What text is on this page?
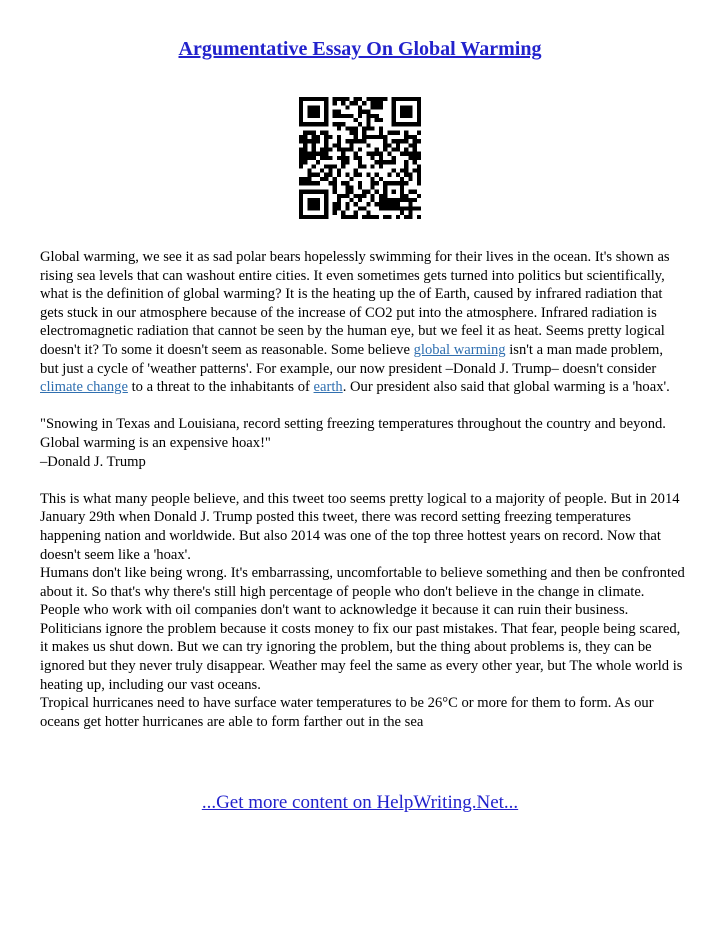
Argumentative Essay On Global Warming

Global warming, we see it as sad polar bears hopelessly swimming for their lives in the ocean. It's shown as rising sea levels that can washout entire cities. It even sometimes gets turned into politics but scientifically, what is the definition of global warming? It is the heating up the of Earth, caused by infrared radiation that gets stuck in our atmosphere because of the increase of CO2 put into the atmosphere. Infrared radiation is electromagnetic radiation that cannot be seen by the human eye, but we feel it as heat. Seems pretty logical doesn't it? To some it doesn't seem as reasonable. Some believe global warming isn't a man made problem, but just a cycle of 'weather patterns'. For example, our now president –Donald J. Trump– doesn't consider climate change to a threat to the inhabitants of earth. Our president also said that global warming is a 'hoax'.

"Snowing in Texas and Louisiana, record setting freezing temperatures throughout the country and beyond.

Global warming is an expensive hoax!"

–Donald J. Trump

This is what many people believe, and this tweet too seems pretty logical to a majority of people. But in 2014 January 29th when Donald J. Trump posted this tweet, there was record setting freezing temperatures happening nation and worldwide. But also 2014 was one of the top three hottest years on record. Now that doesn't seem like a 'hoax'.

Humans don't like being wrong. It's embarrassing, uncomfortable to believe something and then be confronted about it. So that's why there's still high percentage of people who don't believe in the change in climate. People who work with oil companies don't want to acknowledge it because it can ruin their business. Politicians ignore the problem because it costs money to fix our past mistakes. That fear, people being scared, it makes us shut down. But we can try ignoring the problem, but the thing about problems is, they can be ignored but they never truly disappear. Weather may feel the same as every other year, but The whole world is heating up, including our vast oceans.

Tropical hurricanes need to have surface water temperatures to be 26°C or more for them to form. As our oceans get hotter hurricanes are able to form farther out in the sea

...Get more content on HelpWriting.Net...
